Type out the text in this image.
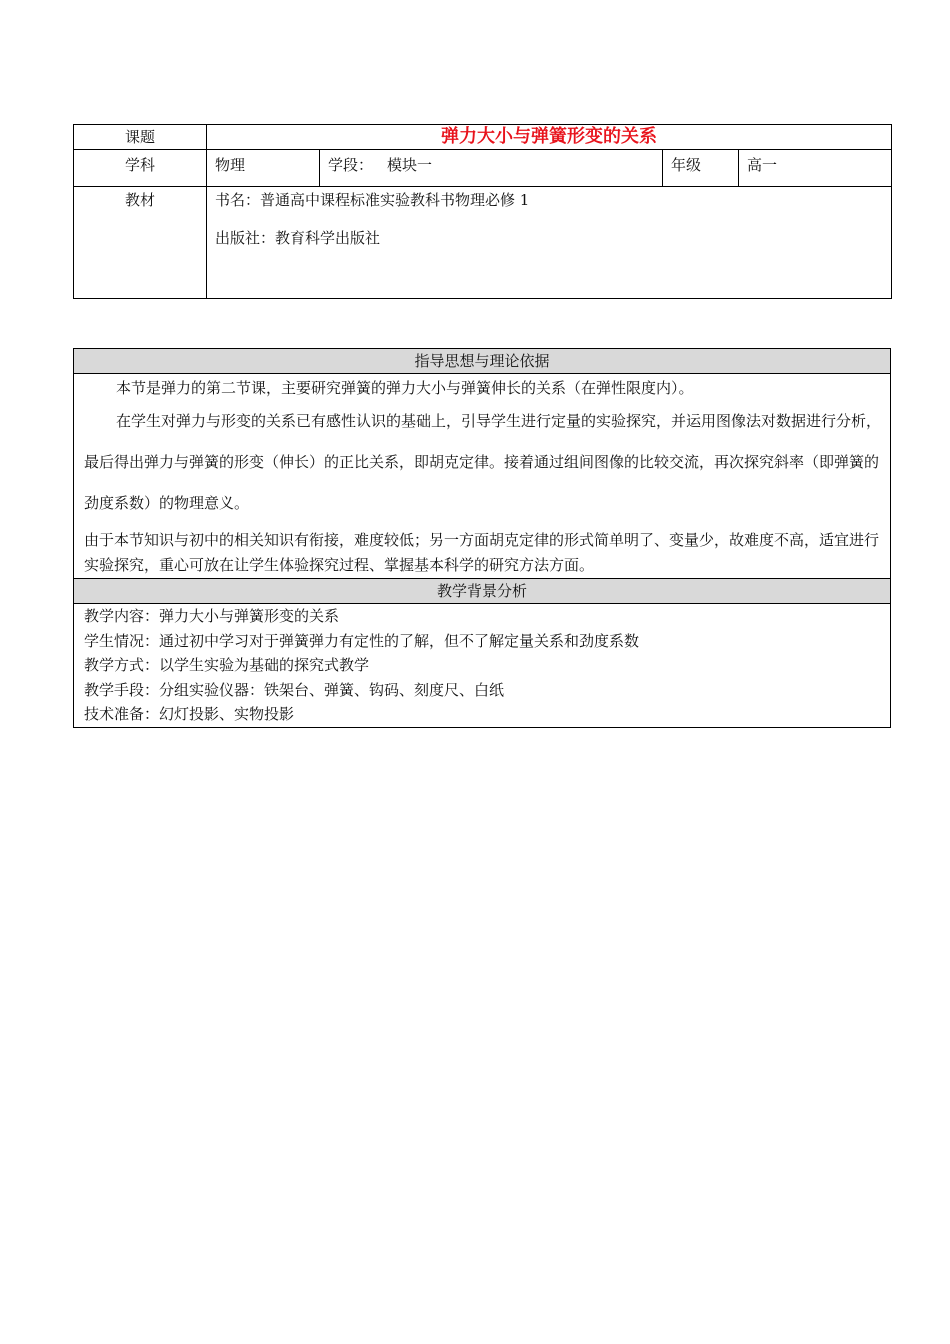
课题	弹力大小与弹簧形变的关系			
学科	物理	学段： 模块一	年级	高一
教材	书名：普通高中课程标准实验教科书物理必修 1

出版社：教育科学出版社			

指导思想与理论依据

本节是弹力的第二节课，主要研究弹簧的弹力大小与弹簧伸长的关系（在弹性限度内）。

在学生对弹力与形变的关系已有感性认识的基础上，引导学生进行定量的实验探究，并运用图像法对数据进行分析，最后得出弹力与弹簧的形变（伸长）的正比关系，即胡克定律。接着通过组间图像的比较交流，再次探究斜率（即弹簧的劲度系数）的物理意义。

由于本节知识与初中的相关知识有衔接，难度较低；另一方面胡克定律的形式简单明了、变量少，故难度不高，适宜进行实验探究，重心可放在让学生体验探究过程、掌握基本科学的研究方法方面。

教学背景分析

教学内容：弹力大小与弹簧形变的关系

学生情况：通过初中学习对于弹簧弹力有定性的了解，但不了解定量关系和劲度系数

教学方式：以学生实验为基础的探究式教学

教学手段：分组实验仪器：铁架台、弹簧、钩码、刻度尺、白纸

技术准备：幻灯投影、实物投影
